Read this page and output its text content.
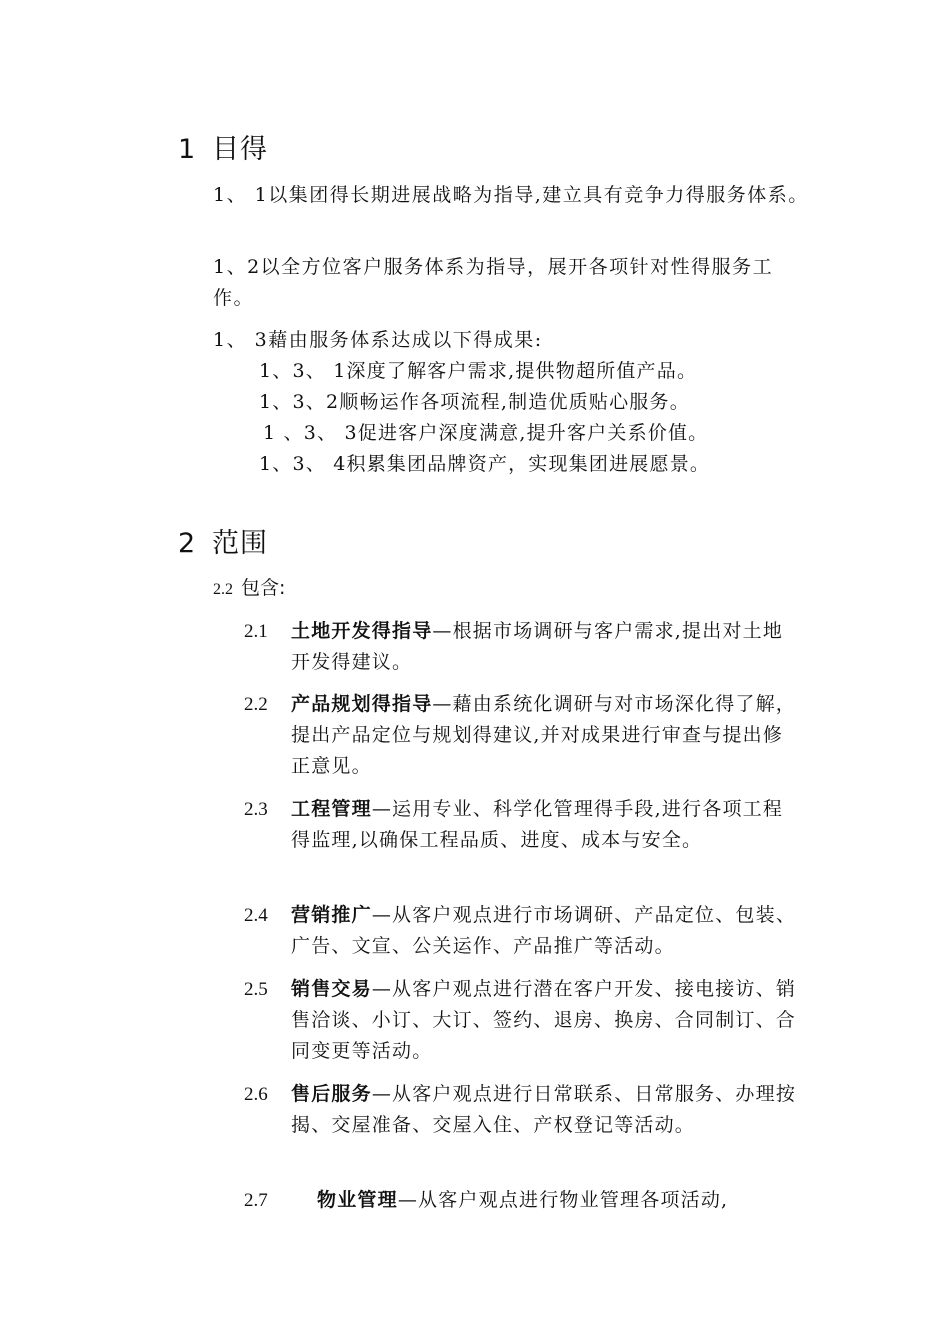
1 目得
1、 1以集团得长期进展战略为指导,建立具有竞争力得服务体系。
1、2以全方位客户服务体系为指导，展开各项针对性得服务工作。
1、 3藉由服务体系达成以下得成果:
1、3、 1深度了解客户需求,提供物超所值产品。
1、3、2顺畅运作各项流程,制造优质贴心服务。
1 、3、 3促进客户深度满意,提升客户关系价值。
1、3、 4积累集团品牌资产，实现集团进展愿景。
2 范围
2.2 包含:
2.1 土地开发得指导—根据市场调研与客户需求,提出对土地开发得建议。
2.2 产品规划得指导—藉由系统化调研与对市场深化得了解，提出产品定位与规划得建议,并对成果进行审查与提出修正意见。
2.3 工程管理—运用专业、科学化管理得手段,进行各项工程得监理,以确保工程品质、进度、成本与安全。
2.4 营销推广—从客户观点进行市场调研、产品定位、包装、广告、文宣、公关运作、产品推广等活动。
2.5 销售交易—从客户观点进行潜在客户开发、接电接访、销售洽谈、小订、大订、签约、退房、换房、合同制订、合同变更等活动。
2.6 售后服务—从客户观点进行日常联系、日常服务、办理按揭、交屋准备、交屋入住、产权登记等活动。
2.7	物业管理—从客户观点进行物业管理各项活动,
